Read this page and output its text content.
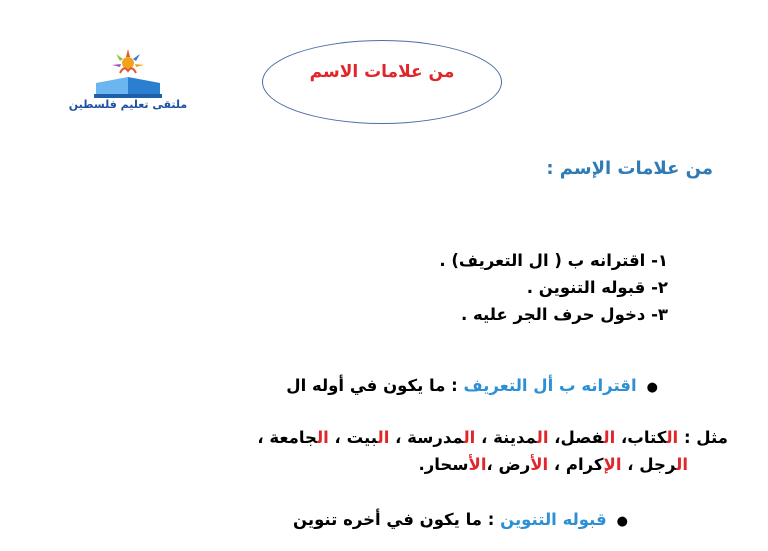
ملتقى تعليم فلسطين
من علامات الاسم
من علامات الإسم :
١- اقترانه ب ( ال التعريف) .
٢- قبوله التنوين .
٣- دخول حرف الجر عليه .
●اقترانه ب أل التعريف : ما يكون في أوله ال
مثل : الكتاب، الفصل، المدينة ، المدرسة ، البيت ، الجامعة ،
الرجل ، الإكرام ، الأرض ،الأسحار.
●قبوله التنوين : ما يكون في أخره تنوين
